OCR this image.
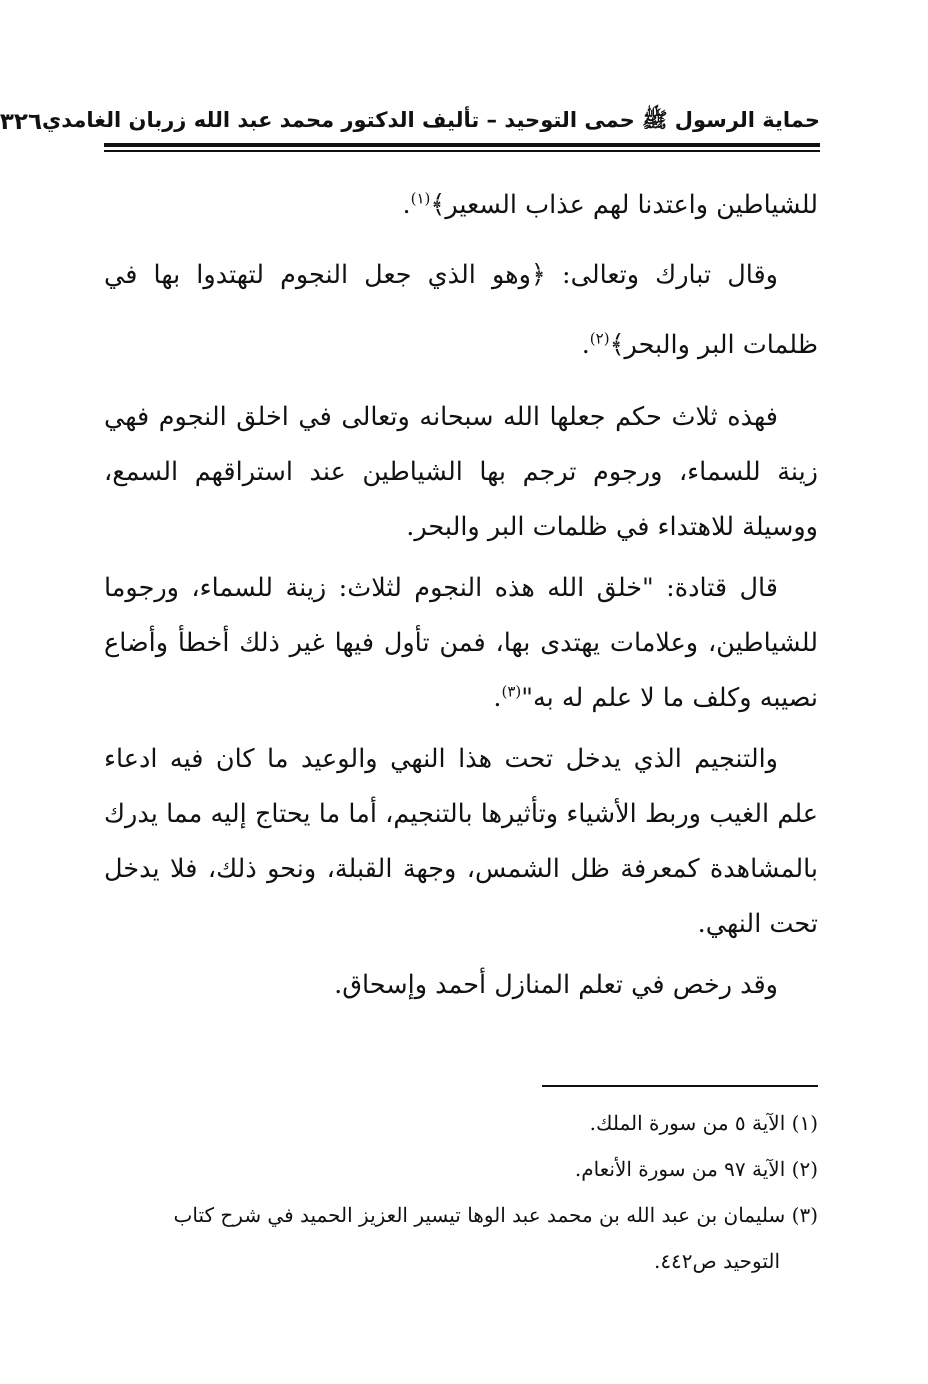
حماية الرسول ﷺ حمى التوحيد – تأليف الدكتور محمد عبد الله زربان الغامدي
٣٢٦

للشياطين واعتدنا لهم عذاب السعير﴾$^{(١)}$.

وقال تبارك وتعالى: ﴿وهو الذي جعل النجوم لتهتدوا بها في ظلمات البر والبحر﴾$^{(٢)}$.

فهذه ثلاث حكم جعلها الله سبحانه وتعالى في اخلق النجوم فهي زينة للسماء، ورجوم ترجم بها الشياطين عند استراقهم السمع، ووسيلة للاهتداء في ظلمات البر والبحر.

قال قتادة: "خلق الله هذه النجوم لثلاث: زينة للسماء، ورجوما للشياطين، وعلامات يهتدى بها، فمن تأول فيها غير ذلك أخطأ وأضاع نصيبه وكلف ما لا علم له به"$^{(٣)}$.

والتنجيم الذي يدخل تحت هذا النهي والوعيد ما كان فيه ادعاء علم الغيب وربط الأشياء وتأثيرها بالتنجيم، أما ما يحتاج إليه مما يدرك بالمشاهدة كمعرفة ظل الشمس، وجهة القبلة، ونحو ذلك، فلا يدخل تحت النهي.

وقد رخص في تعلم المنازل أحمد وإسحاق.

(١) الآية ٥ من سورة الملك.

(٢) الآية ٩٧ من سورة الأنعام.

(٣) سليمان بن عبد الله بن محمد عبد الوها تيسير العزيز الحميد في شرح كتاب

التوحيد ص٤٤٢.
